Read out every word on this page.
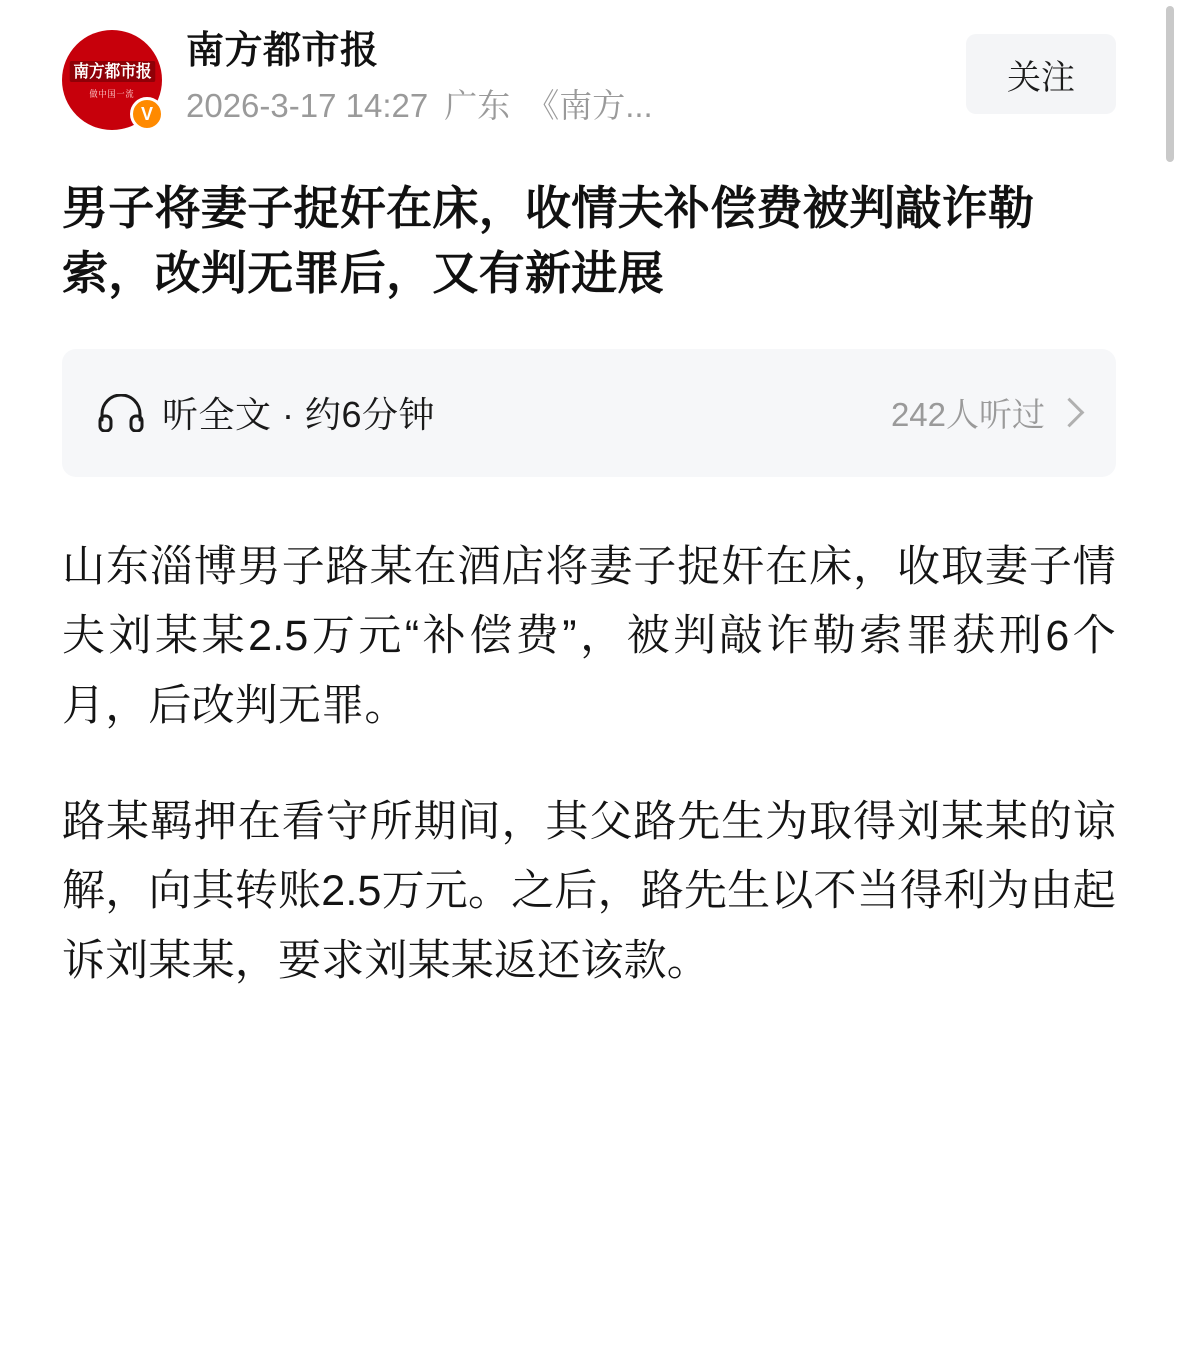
南方都市报
做中国一流
V
南方都市报
2026-3-17 14:27 广东 《南方...
关注
男子将妻子捉奸在床，收情夫补偿费被判敲诈勒索，改判无罪后，又有新进展
听全文 · 约6分钟	242人听过

山东淄博男子路某在酒店将妻子捉奸在床，收取妻子情夫刘某某2.5万元“补偿费”，被判敲诈勒索罪获刑6个月，后改判无罪。

路某羁押在看守所期间，其父路先生为取得刘某某的谅解，向其转账2.5万元。之后，路先生以不当得利为由起诉刘某某，要求刘某某返还该款。
